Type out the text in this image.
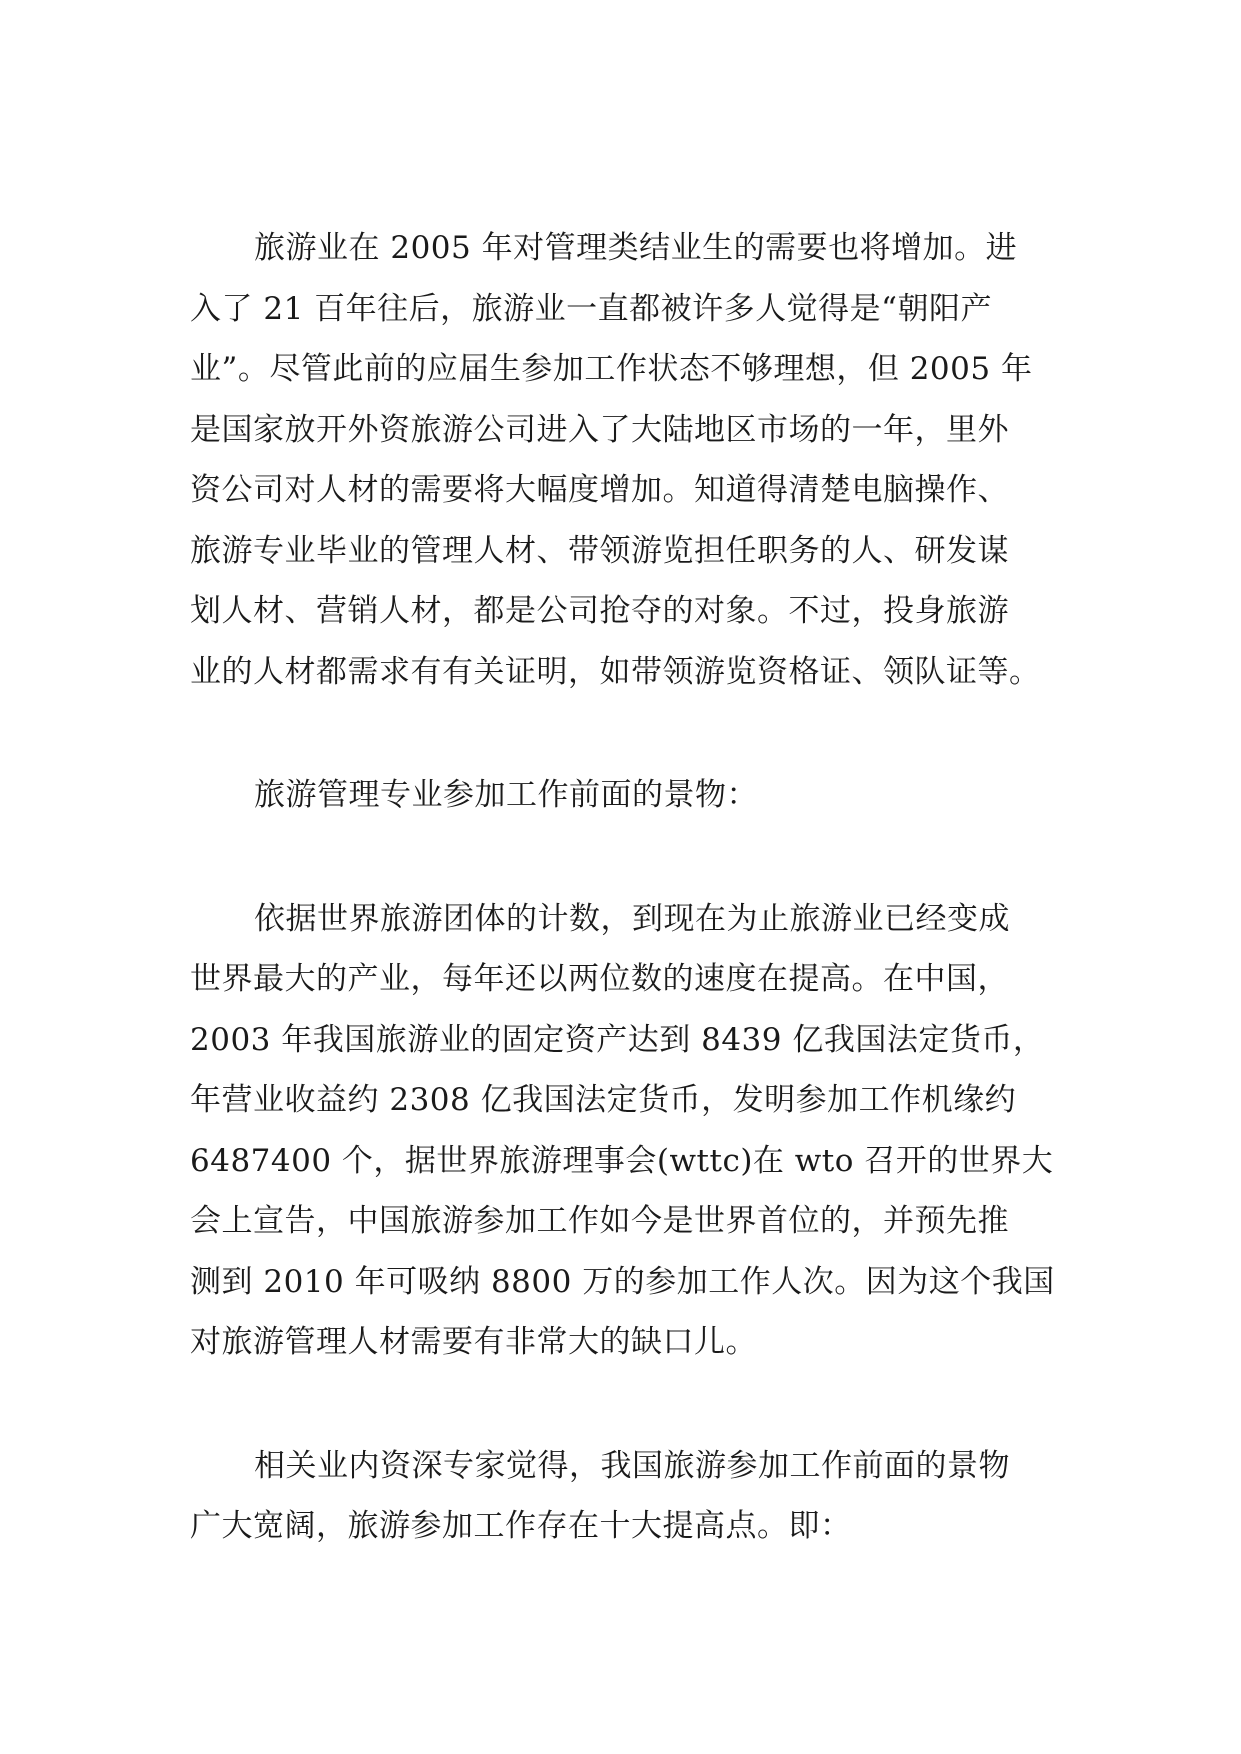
旅游业在 2005 年对管理类结业生的需要也将增加。进
入了 21 百年往后，旅游业一直都被许多人觉得是“朝阳产
业”。尽管此前的应届生参加工作状态不够理想，但 2005 年
是国家放开外资旅游公司进入了大陆地区市场的一年，里外
资公司对人材的需要将大幅度增加。知道得清楚电脑操作、
旅游专业毕业的管理人材、带领游览担任职务的人、研发谋
划人材、营销人材，都是公司抢夺的对象。不过，投身旅游
业的人材都需求有有关证明，如带领游览资格证、领队证等。
旅游管理专业参加工作前面的景物：
依据世界旅游团体的计数，到现在为止旅游业已经变成
世界最大的产业，每年还以两位数的速度在提高。在中国，
2003 年我国旅游业的固定资产达到 8439 亿我国法定货币，
年营业收益约 2308 亿我国法定货币，发明参加工作机缘约
6487400 个，据世界旅游理事会(wttc)在 wto 召开的世界大
会上宣告，中国旅游参加工作如今是世界首位的，并预先推
测到 2010 年可吸纳 8800 万的参加工作人次。因为这个我国
对旅游管理人材需要有非常大的缺口儿。
相关业内资深专家觉得，我国旅游参加工作前面的景物
广大宽阔，旅游参加工作存在十大提高点。即：
